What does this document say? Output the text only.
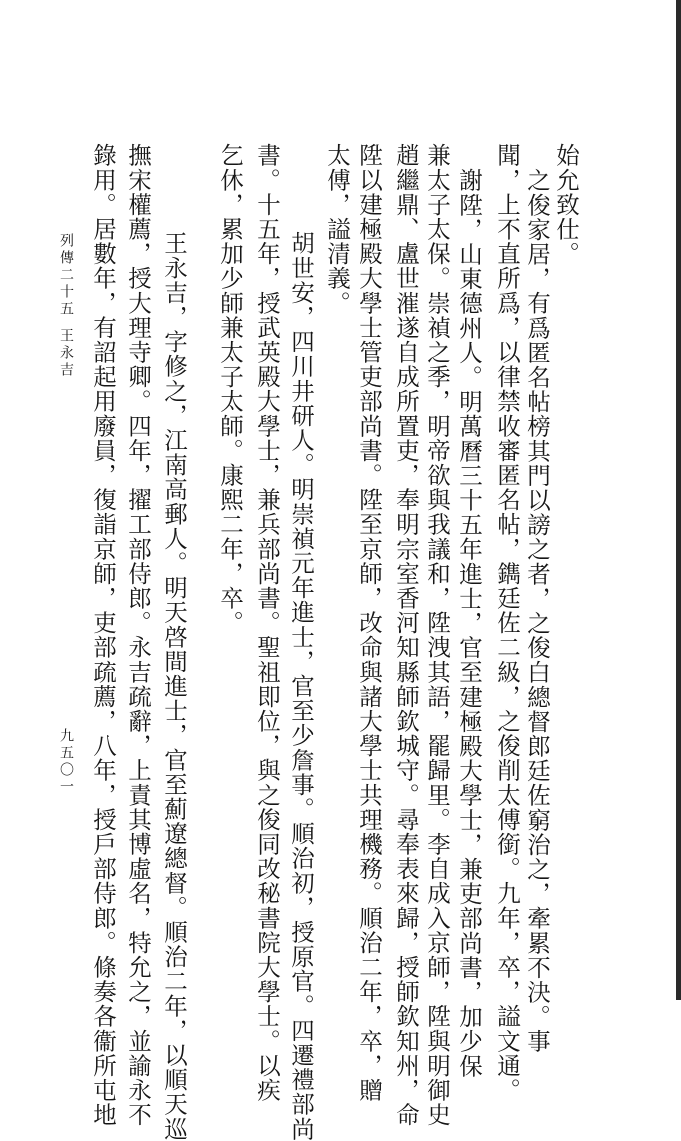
始允致仕。
之俊家居，有爲匿名帖榜其門以謗之者，之俊白總督郎廷佐窮治之，牽累不決。事
聞，上不直所爲，以律禁收審匿名帖，鐫廷佐二級，之俊削太傅銜。九年，卒，謚文通。
謝陞，山東德州人。明萬曆三十五年進士，官至建極殿大學士，兼吏部尚書，加少保
兼太子太保。崇禎之季，明帝欲與我議和，陞洩其語，罷歸里。李自成入京師，陞與明御史
趙繼鼎、盧世漼遂自成所置吏，奉明宗室香河知縣師欽城守。尋奉表來歸，授師欽知州，命
陞以建極殿大學士管吏部尚書。陞至京師，改命與諸大學士共理機務。順治二年，卒，贈
太傅，謚清義。
胡世安，四川井研人。明崇禎元年進士，官至少詹事。順治初，授原官。四遷禮部尚
書。十五年，授武英殿大學士，兼兵部尚書。聖祖即位，與之俊同改秘書院大學士。以疾
乞休，累加少師兼太子太師。康熙二年，卒。
王永吉，字修之，江南高郵人。明天啓間進士，官至薊遼總督。順治二年，以順天巡
撫宋權薦，授大理寺卿。四年，擢工部侍郎。永吉疏辭，上責其博虛名，特允之，並諭永不
錄用。居數年，有詔起用廢員，復詣京師，吏部疏薦，八年，授戶部侍郎。條奏各衞所屯地
列傳二十五
王永吉
九五〇一
